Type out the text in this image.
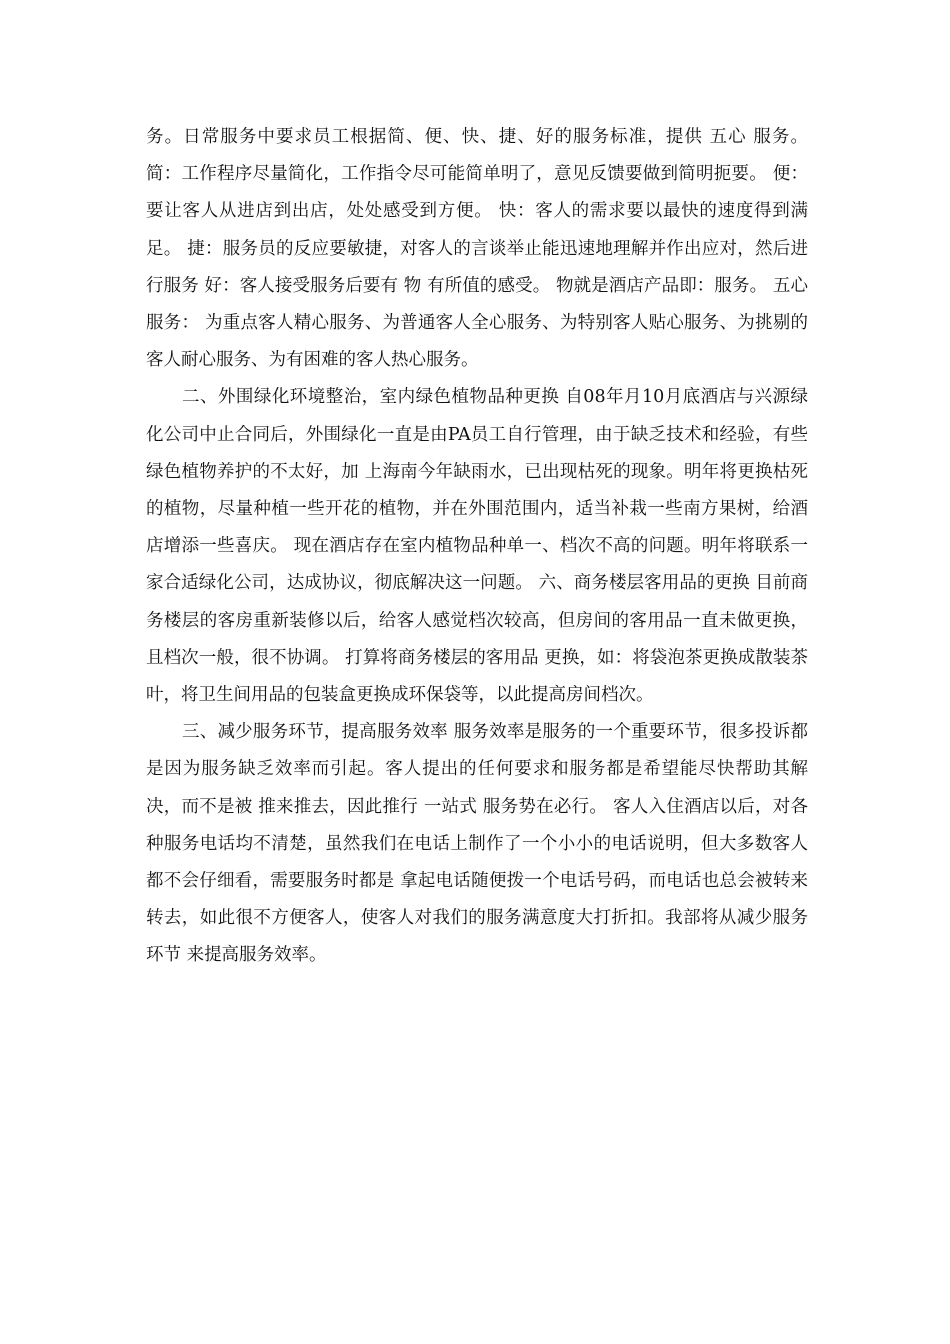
务。日常服务中要求员工根据简、便、快、捷、好的服务标准，提供 五心 服务。 简：工作程序尽量简化，工作指令尽可能简单明了，意见反馈要做到简明扼要。 便：要让客人从进店到出店，处处感受到方便。 快：客人的需求要以最快的速度得到满足。 捷：服务员的反应要敏捷，对客人的言谈举止能迅速地理解并作出应对，然后进行服务 好：客人接受服务后要有 物 有所值的感受。 物就是酒店产品即：服务。 五心服务： 为重点客人精心服务、为普通客人全心服务、为特别客人贴心服务、为挑剔的客人耐心服务、为有困难的客人热心服务。

二、外围绿化环境整治，室内绿色植物品种更换 自08年月10月底酒店与兴源绿化公司中止合同后，外围绿化一直是由PA员工自行管理，由于缺乏技术和经验，有些绿色植物养护的不太好，加 上海南今年缺雨水，已出现枯死的现象。明年将更换枯死的植物，尽量种植一些开花的植物，并在外围范围内，适当补栽一些南方果树，给酒 店增添一些喜庆。 现在酒店存在室内植物品种单一、档次不高的问题。明年将联系一家合适绿化公司，达成协议，彻底解决这一问题。 六、商务楼层客用品的更换 目前商务楼层的客房重新装修以后，给客人感觉档次较高，但房间的客用品一直未做更换，且档次一般，很不协调。 打算将商务楼层的客用品 更换，如：将袋泡茶更换成散装茶叶，将卫生间用品的包装盒更换成环保袋等，以此提高房间档次。

三、减少服务环节，提高服务效率 服务效率是服务的一个重要环节，很多投诉都是因为服务缺乏效率而引起。客人提出的任何要求和服务都是希望能尽快帮助其解决，而不是被 推来推去，因此推行 一站式 服务势在必行。 客人入住酒店以后，对各种服务电话均不清楚，虽然我们在电话上制作了一个小小的电话说明，但大多数客人都不会仔细看，需要服务时都是 拿起电话随便拨一个电话号码，而电话也总会被转来转去，如此很不方便客人，使客人对我们的服务满意度大打折扣。我部将从减少服务环节 来提高服务效率。
